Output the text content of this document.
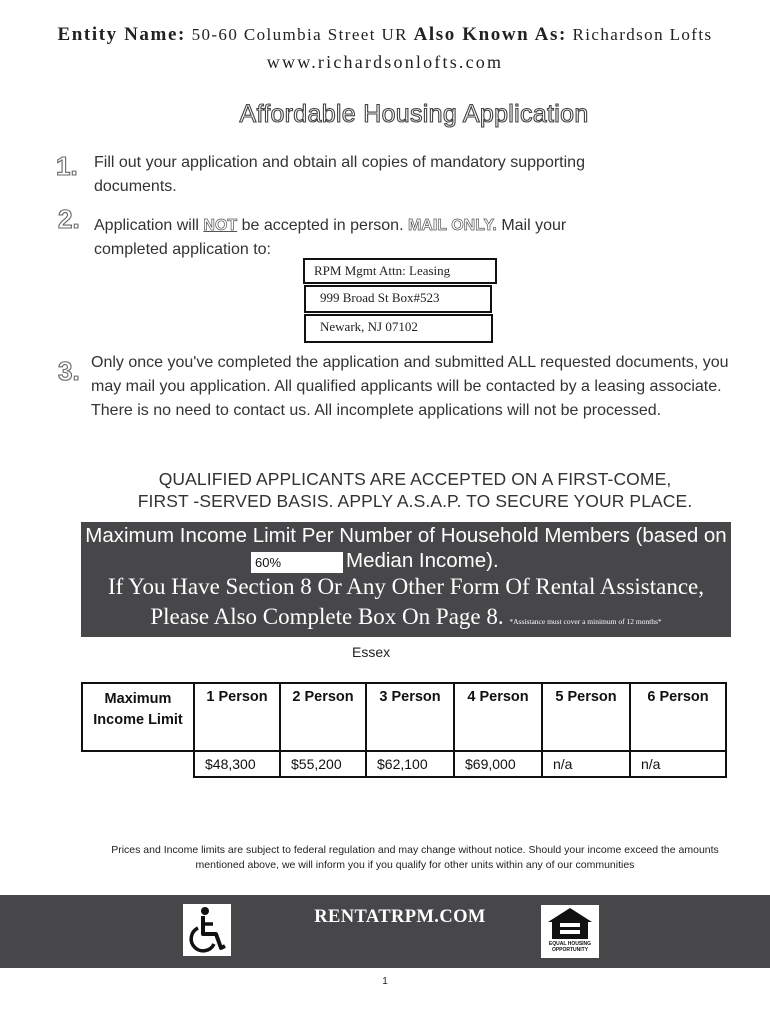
Entity Name: 50-60 Columbia Street UR Also Known As: Richardson Lofts
www.richardsonlofts.com
Affordable Housing Application
1. Fill out your application and obtain all copies of mandatory supporting documents.
2. Application will NOT be accepted in person. MAIL ONLY. Mail your completed application to:
RPM Mgmt Attn: Leasing
999 Broad St Box#523
Newark, NJ 07102
3. Only once you've completed the application and submitted ALL requested documents, you may mail you application. All qualified applicants will be contacted by a leasing associate. There is no need to contact us. All incomplete applications will not be processed.
QUALIFIED APPLICANTS ARE ACCEPTED ON A FIRST-COME,
FIRST -SERVED BASIS. APPLY A.S.A.P. TO SECURE YOUR PLACE.
Maximum Income Limit Per Number of Household Members (based on
60%	Median Income).
If You Have Section 8 Or Any Other Form Of Rental Assistance,
Please Also Complete Box On Page 8. *Assistance must cover a minimum of 12 months*
Essex
Maximum Income Limit	1 Person	2 Person	3 Person	4 Person	5 Person	6 Person
	$48,300	$55,200	$62,100	$69,000	n/a	n/a
Prices and Income limits are subject to federal regulation and may change without notice. Should your income exceed the amounts mentioned above, we will inform you if you qualify for other units within any of our communities
RENTATRPM.COM
EQUAL HOUSING OPPORTUNITY
1
